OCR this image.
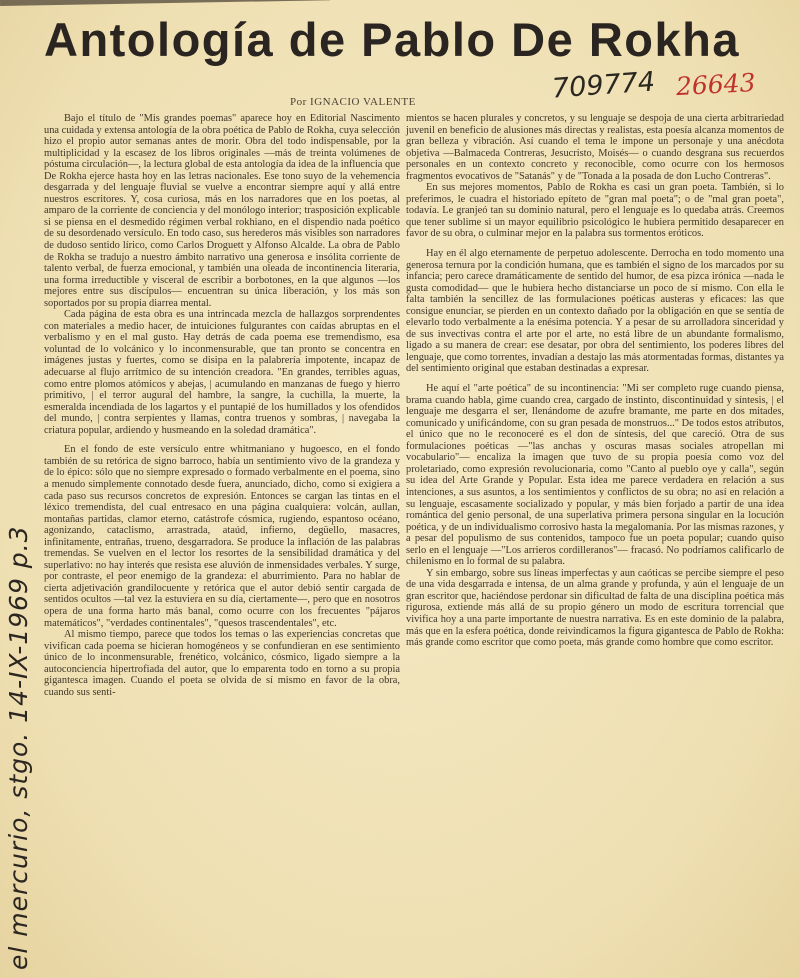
Antología de Pablo De Rokha
Por IGNACIO VALENTE	709774 26643

Bajo el título de "Mis grandes poemas" aparece hoy en Editorial Nascimento una cuidada y extensa antología de la obra poética de Pablo de Rokha, cuya selección hizo el propio autor semanas antes de morir. Obra del todo indispensable, por la multiplicidad y la escasez de los libros originales —más de treinta volúmenes de póstuma circulación—, la lectura global de esta antología da idea de la influencia que De Rokha ejerce hasta hoy en las letras nacionales. Ese tono suyo de la vehemencia desgarrada y del lenguaje fluvial se vuelve a encontrar siempre aquí y allá entre nuestros escritores. Y, cosa curiosa, más en los narradores que en los poetas, al amparo de la corriente de conciencia y del monólogo interior; trasposición explicable si se piensa en el desmedido régimen verbal rokhiano, en el dispendio nada poético de su desordenado versículo. En todo caso, sus herederos más visibles son narradores de dudoso sentido lírico, como Carlos Droguett y Alfonso Alcalde. La obra de Pablo de Rokha se tradujo a nuestro ámbito narrativo una generosa e insólita corriente de talento verbal, de fuerza emocional, y también una oleada de incontinencia literaria, una forma irreductible y visceral de escribir a borbotones, en la que algunos —los mejores entre sus discípulos— encuentran su única liberación, y los más son soportados por su propia diarrea mental.

Cada página de esta obra es una intrincada mezcla de hallazgos sorprendentes con materiales a medio hacer, de intuiciones fulgurantes con caídas abruptas en el verbalismo y en el mal gusto. Hay detrás de cada poema ese tremendismo, esa voluntad de lo volcánico y lo inconmensurable, que tan pronto se concentra en imágenes justas y fuertes, como se disipa en la palabrería impotente, incapaz de adecuarse al flujo arrítmico de su intención creadora. "En grandes, terribles aguas, como entre plomos atómicos y abejas, | acumulando en manzanas de fuego y hierro primitivo, | el terror augural del hambre, la sangre, la cuchilla, la muerte, la esmeralda incendiada de los lagartos y el puntapié de los humillados y los ofendidos del mundo, | contra serpientes y llamas, contra truenos y sombras, | navegaba la criatura popular, ardiendo y husmeando en la soledad dramática".

En el fondo de este versículo entre whitmaniano y hugoesco, en el fondo también de su retórica de signo barroco, había un sentimiento vivo de la grandeza y de lo épico: sólo que no siempre expresado o formado verbalmente en el poema, sino a menudo simplemente connotado desde fuera, anunciado, dicho, como si exigiera a cada paso sus recursos concretos de expresión. Entonces se cargan las tintas en el léxico tremendista, del cual entresaco en una página cualquiera: volcán, aullan, montañas partidas, clamor eterno, catástrofe cósmica, rugiendo, espantoso océano, agonizando, cataclismo, arrastrada, ataúd, infierno, degüello, masacres, infinitamente, entrañas, trueno, desgarradora. Se produce la inflación de las palabras tremendas. Se vuelven en el lector los resortes de la sensibilidad dramática y del superlativo: no hay interés que resista ese aluvión de inmensidades verbales. Y surge, por contraste, el peor enemigo de la grandeza: el aburrimiento. Para no hablar de cierta adjetivación grandilocuente y retórica que el autor debió sentir cargada de sentidos ocultos —tal vez la estuviera en su día, ciertamente—, pero que en nosotros opera de una forma harto más banal, como ocurre con los frecuentes "pájaros matemáticos", "verdades continentales", "quesos trascendentales", etc.

Al mismo tiempo, parece que todos los temas o las experiencias concretas que vivifican cada poema se hicieran homogéneos y se confundieran en ese sentimiento único de lo inconmensurable, frenético, volcánico, cósmico, ligado siempre a la autoconciencia hipertrofiada del autor, que lo emparenta todo en torno a su propia gigantesca imagen. Cuando el poeta se olvida de sí mismo en favor de la obra, cuando sus senti-

mientos se hacen plurales y concretos, y su lenguaje se despoja de una cierta arbitrariedad juvenil en beneficio de alusiones más directas y realistas, esta poesía alcanza momentos de gran belleza y vibración. Así cuando el tema le impone un personaje y una anécdota objetiva —Balmaceda Contreras, Jesucristo, Moisés— o cuando desgrana sus recuerdos personales en un contexto concreto y reconocible, como ocurre con los hermosos fragmentos evocativos de "Satanás" y de "Tonada a la posada de don Lucho Contreras".

En sus mejores momentos, Pablo de Rokha es casi un gran poeta. También, si lo preferimos, le cuadra el historiado epíteto de "gran mal poeta"; o de "mal gran poeta", todavía. Le granjeó tan su dominio natural, pero el lenguaje es lo quedaba atrás. Creemos que tener sublime si un mayor equilibrio psicológico le hubiera permitido desaparecer en favor de su obra, o culminar mejor en la palabra sus tormentos eróticos.

Hay en él algo eternamente de perpetuo adolescente. Derrocha en todo momento una generosa ternura por la condición humana, que es también el signo de los marcados por su infancia; pero carece dramáticamente de sentido del humor, de esa pizca irónica —nada le gusta comodidad— que le hubiera hecho distanciarse un poco de sí mismo. Con ella le falta también la sencillez de las formulaciones poéticas austeras y eficaces: las que consigue enunciar, se pierden en un contexto dañado por la obligación en que se sentía de elevarlo todo verbalmente a la enésima potencia. Y a pesar de su arrolladora sinceridad y de sus invectivas contra el arte por el arte, no está libre de un abundante formalismo, ligado a su manera de crear: ese desatar, por obra del sentimiento, los poderes libres del lenguaje, que como torrentes, invadían a destajo las más atormentadas formas, distantes ya del sentimiento original que estaban destinadas a expresar.

He aquí el "arte poética" de su incontinencia: "Mi ser completo ruge cuando piensa, brama cuando habla, gime cuando crea, cargado de instinto, discontinuidad y síntesis, | el lenguaje me desgarra el ser, llenándome de azufre bramante, me parte en dos mitades, comunicado y unificándome, con su gran pesada de monstruos..." De todos estos atributos, el único que no le reconoceré es el don de síntesis, del que careció. Otra de sus formulaciones poéticas —"las anchas y oscuras masas sociales atropellan mi vocabulario"— encaliza la imagen que tuvo de su propia poesía como voz del proletariado, como expresión revolucionaria, como "Canto al pueblo oye y calla", según su idea del Arte Grande y Popular. Esta idea me parece verdadera en relación a sus intenciones, a sus asuntos, a los sentimientos y conflictos de su obra; no así en relación a su lenguaje, escasamente socializado y popular, y más bien forjado a partir de una idea romántica del genio personal, de una superlativa primera persona singular en la locución poética, y de un individualismo corrosivo hasta la megalomanía. Por las mismas razones, y a pesar del populismo de sus contenidos, tampoco fue un poeta popular; cuando quiso serlo en el lenguaje —"Los arrieros cordilleranos"— fracasó. No podríamos calificarlo de chilenismo en lo formal de su palabra.

Y sin embargo, sobre sus líneas imperfectas y aun caóticas se percibe siempre el peso de una vida desgarrada e intensa, de un alma grande y profunda, y aún el lenguaje de un gran escritor que, haciéndose perdonar sin dificultad de falta de una disciplina poética más rigurosa, extiende más allá de su propio género un modo de escritura torrencial que vivifica hoy a una parte importante de nuestra narrativa. Es en este dominio de la palabra, más que en la esfera poética, donde reivindicamos la figura gigantesca de Pablo de Rokha: más grande como escritor que como poeta, más grande como hombre que como escritor.

el mercurio, stgo. 14-IX-1969 p.3
